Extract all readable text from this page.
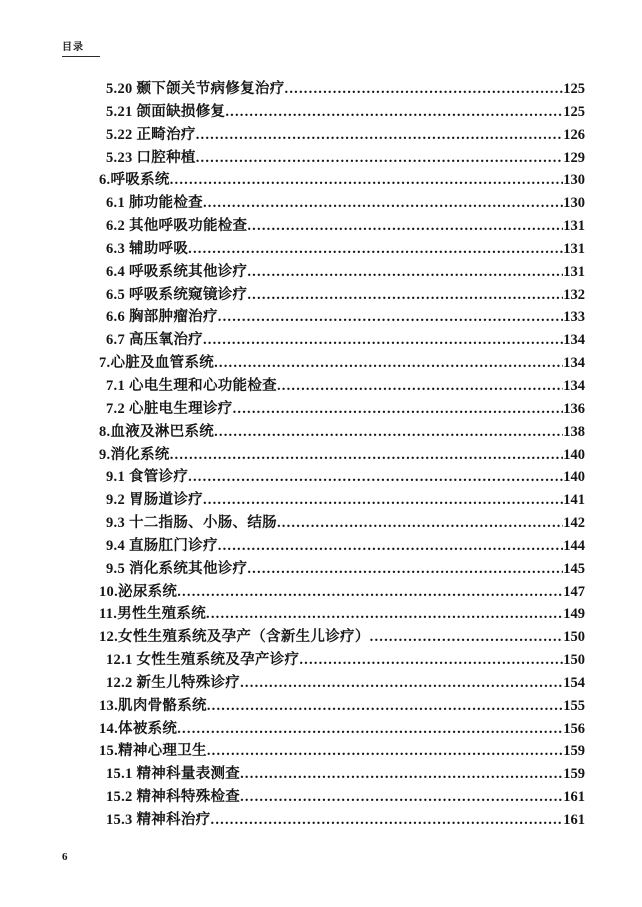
目录
5.20 颞下颌关节病修复治疗 .....	125
5.21 颌面缺损修复 .....	125
5.22 正畸治疗 .....	126
5.23 口腔种植 .....	129
6.呼吸系统 .....	130
6.1 肺功能检查 .....	130
6.2 其他呼吸功能检查 .....	131
6.3 辅助呼吸 .....	131
6.4 呼吸系统其他诊疗 .....	131
6.5 呼吸系统窥镜诊疗 .....	132
6.6 胸部肿瘤治疗 .....	133
6.7 高压氧治疗 .....	134
7.心脏及血管系统 .....	134
7.1 心电生理和心功能检查 .....	134
7.2 心脏电生理诊疗 .....	136
8.血液及淋巴系统 .....	138
9.消化系统 .....	140
9.1 食管诊疗 .....	140
9.2 胃肠道诊疗 .....	141
9.3 十二指肠、小肠、结肠 .....	142
9.4 直肠肛门诊疗 .....	144
9.5 消化系统其他诊疗 .....	145
10.泌尿系统 .....	147
11.男性生殖系统 .....	149
12.女性生殖系统及孕产（含新生儿诊疗） .....	150
12.1 女性生殖系统及孕产诊疗 .....	150
12.2 新生儿特殊诊疗 .....	154
13.肌肉骨骼系统 .....	155
14.体被系统 .....	156
15.精神心理卫生 .....	159
15.1 精神科量表测查 .....	159
15.2 精神科特殊检查 .....	161
15.3 精神科治疗 .....	161
6
